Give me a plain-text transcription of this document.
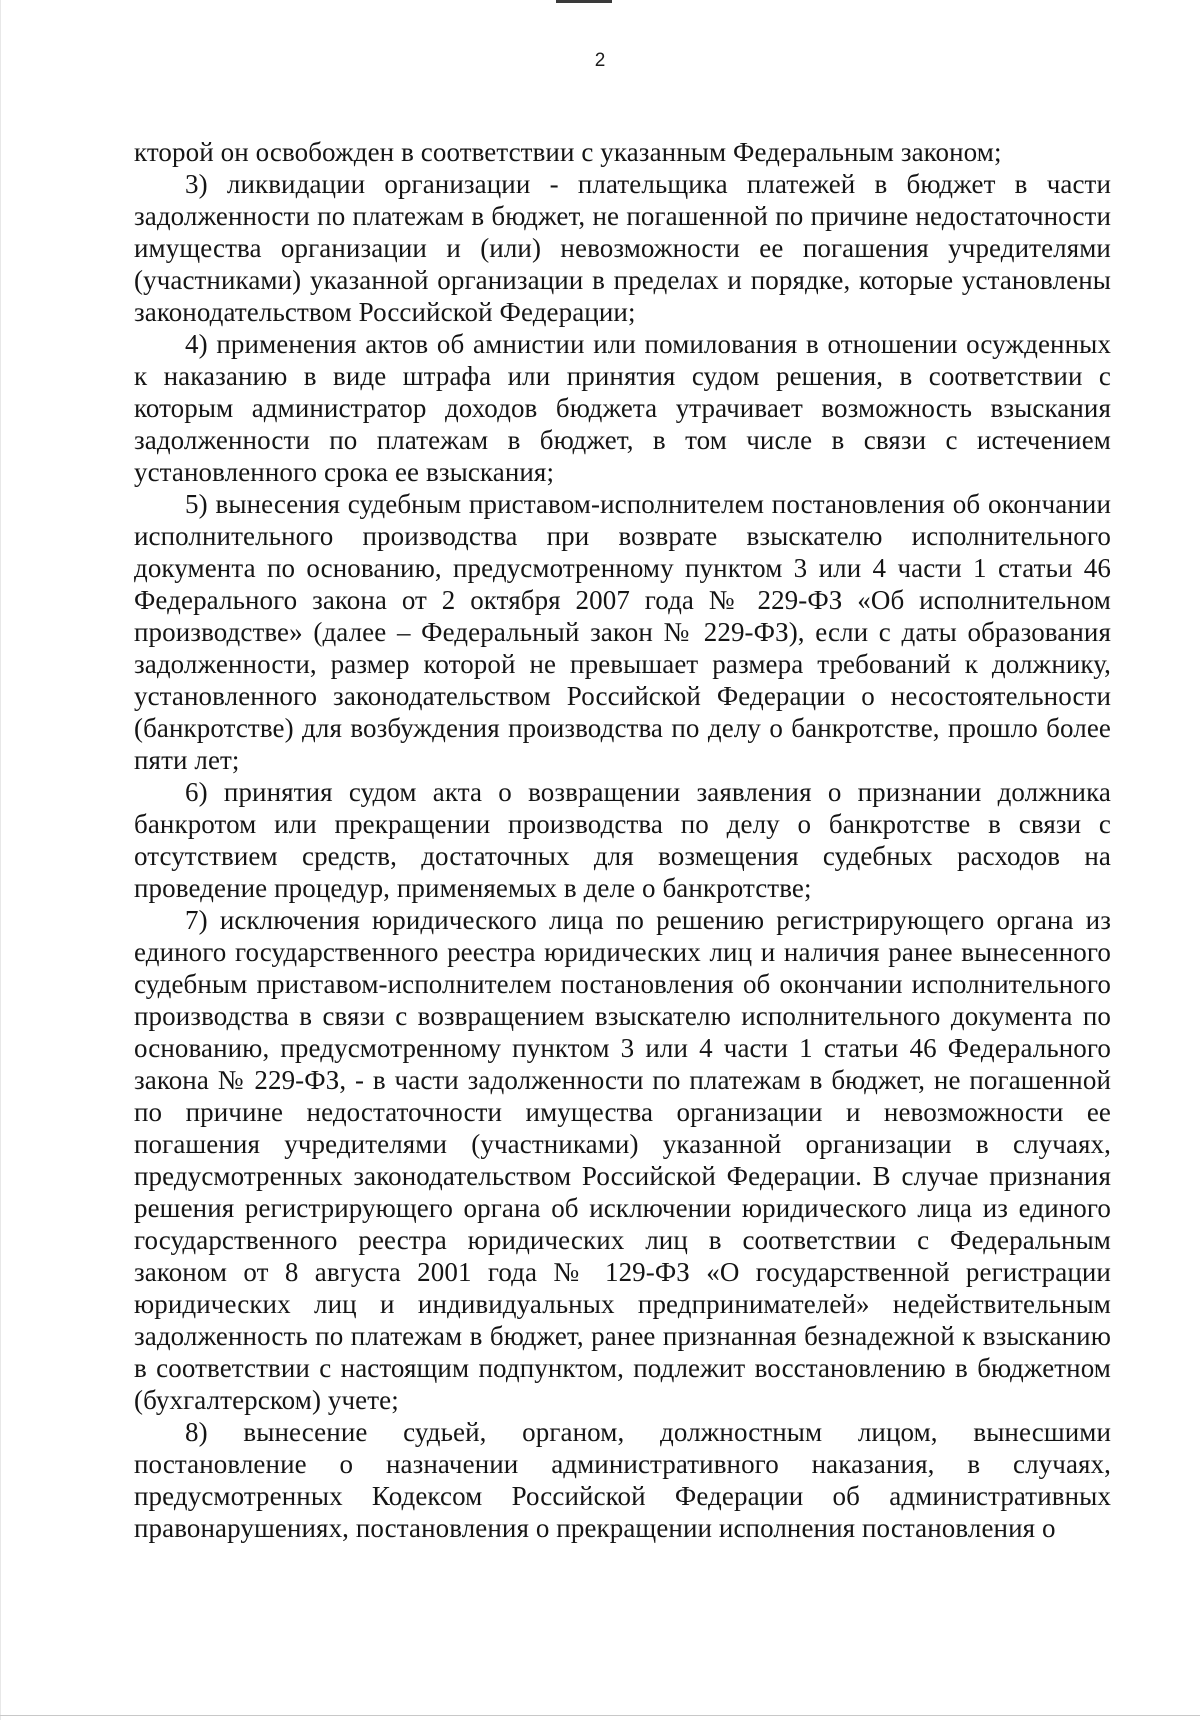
2

кторой он освобожден в соответствии с указанным Федеральным законом;

3) ликвидации организации - плательщика платежей в бюджет в части задолженности по платежам в бюджет, не погашенной по причине недостаточности имущества организации и (или) невозможности ее погашения учредителями (участниками) указанной организации в пределах и порядке, которые установлены законодательством Российской Федерации;

4) применения актов об амнистии или помилования в отношении осужденных к наказанию в виде штрафа или принятия судом решения, в соответствии с которым администратор доходов бюджета утрачивает возможность взыскания задолженности по платежам в бюджет, в том числе в связи с истечением установленного срока ее взыскания;

5) вынесения судебным приставом-исполнителем постановления об окончании исполнительного производства при возврате взыскателю исполнительного документа по основанию, предусмотренному пунктом 3 или 4 части 1 статьи 46 Федерального закона от 2 октября 2007 года № 229-ФЗ «Об исполнительном производстве» (далее – Федеральный закон № 229-ФЗ), если с даты образования задолженности, размер которой не превышает размера требований к должнику, установленного законодательством Российской Федерации о несостоятельности (банкротстве) для возбуждения производства по делу о банкротстве, прошло более пяти лет;

6) принятия судом акта о возвращении заявления о признании должника банкротом или прекращении производства по делу о банкротстве в связи с отсутствием средств, достаточных для возмещения судебных расходов на проведение процедур, применяемых в деле о банкротстве;

7) исключения юридического лица по решению регистрирующего органа из единого государственного реестра юридических лиц и наличия ранее вынесенного судебным приставом-исполнителем постановления об окончании исполнительного производства в связи с возвращением взыскателю исполнительного документа по основанию, предусмотренному пунктом 3 или 4 части 1 статьи 46 Федерального закона № 229-ФЗ, - в части задолженности по платежам в бюджет, не погашенной по причине недостаточности имущества организации и невозможности ее погашения учредителями (участниками) указанной организации в случаях, предусмотренных законодательством Российской Федерации. В случае признания решения регистрирующего органа об исключении юридического лица из единого государственного реестра юридических лиц в соответствии с Федеральным законом от 8 августа 2001 года № 129-ФЗ «О государственной регистрации юридических лиц и индивидуальных предпринимателей» недействительным задолженность по платежам в бюджет, ранее признанная безнадежной к взысканию в соответствии с настоящим подпунктом, подлежит восстановлению в бюджетном (бухгалтерском) учете;

8) вынесение судьей, органом, должностным лицом, вынесшими постановление о назначении административного наказания, в случаях, предусмотренных Кодексом Российской Федерации об административных правонарушениях, постановления о прекращении исполнения постановления о
